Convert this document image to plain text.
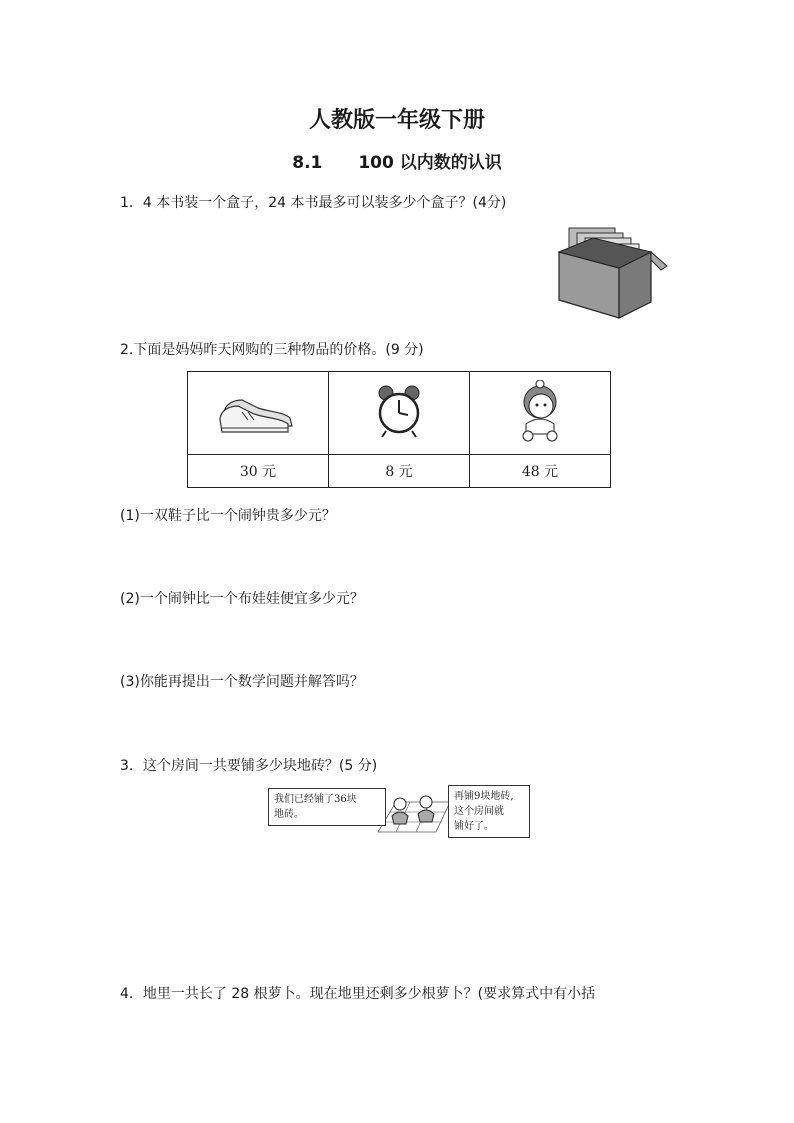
人教版一年级下册
8.1 100 以内数的认识
1．4 本书装一个盒子，24 本书最多可以装多少个盒子？(4分)
2.下面是妈妈昨天网购的三种物品的价格。(9 分)

30 元	8 元	48 元
(1)一双鞋子比一个闹钟贵多少元？
(2)一个闹钟比一个布娃娃便宜多少元？
(3)你能再提出一个数学问题并解答吗？
3．这个房间一共要铺多少块地砖？(5 分)
我们已经铺了36块
地砖。
再铺9块地砖,
这个房间就
铺好了。
4．地里一共长了 28 根萝卜。现在地里还剩多少根萝卜？(要求算式中有小括
